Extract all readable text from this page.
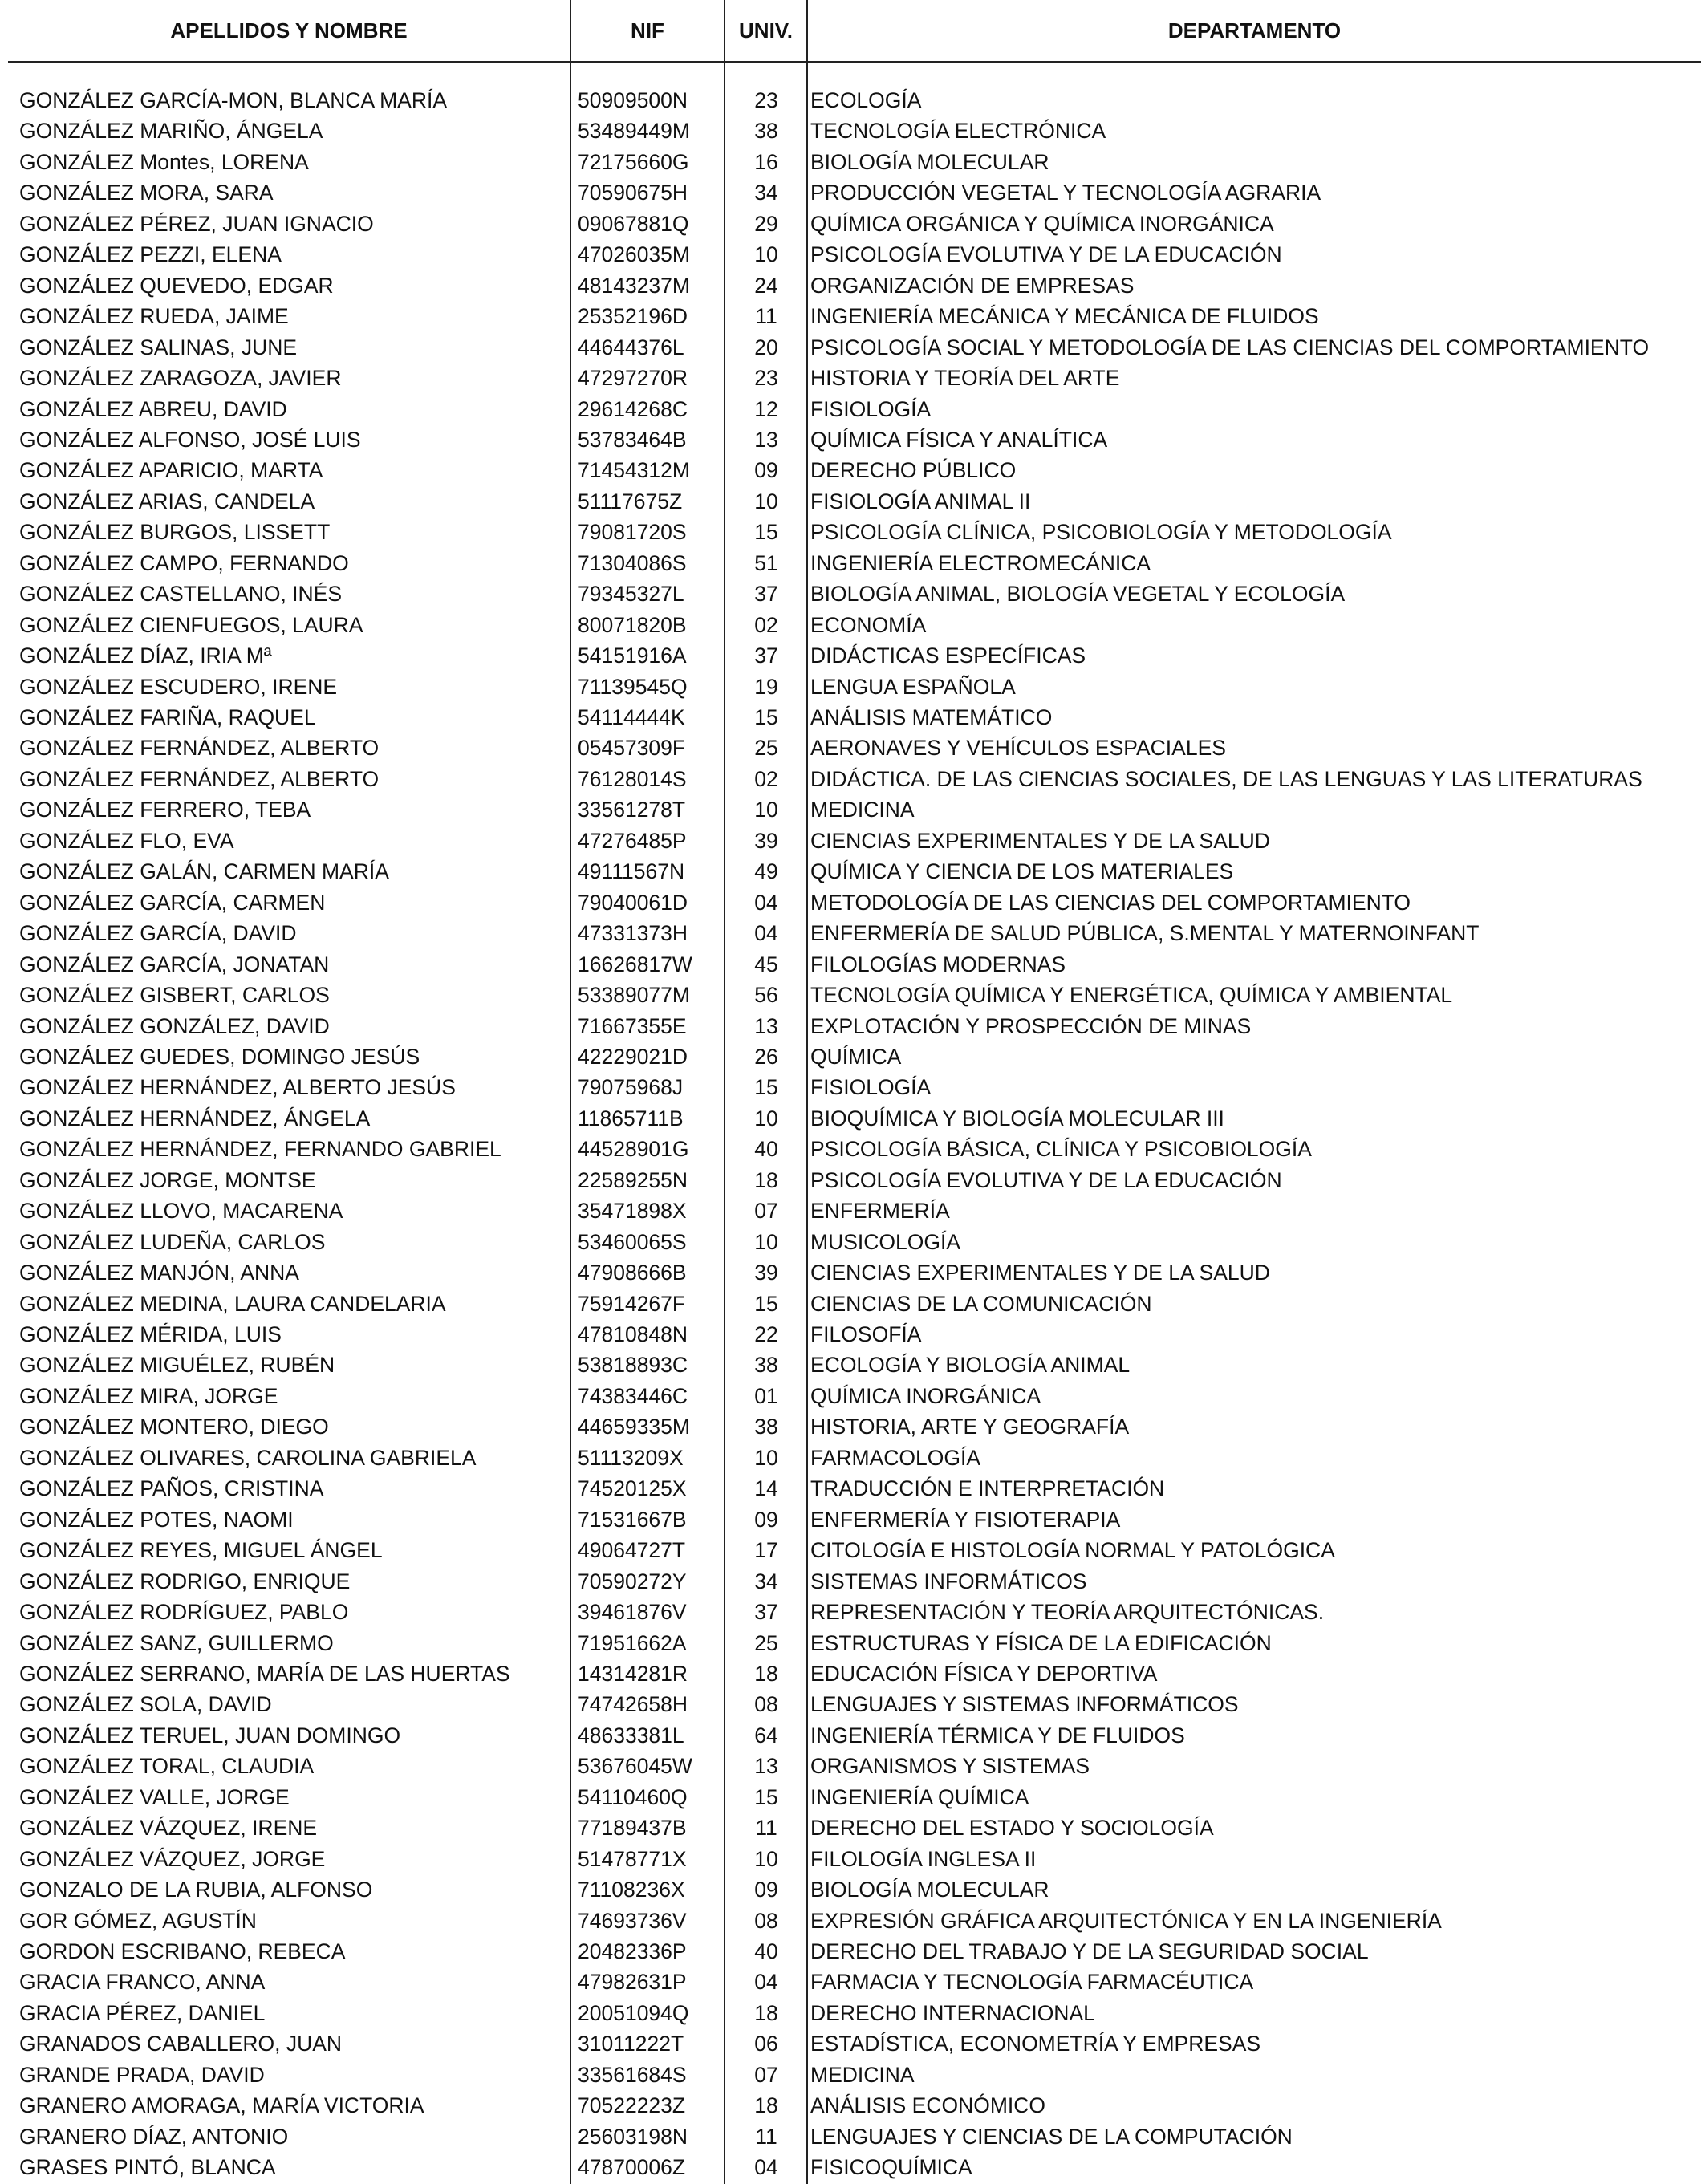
APELLIDOS Y NOMBRE	NIF	UNIV.	DEPARTAMENTO
GONZÁLEZ GARCÍA-MON, BLANCA MARÍA	50909500N	23	ECOLOGÍA
GONZÁLEZ MARIÑO, ÁNGELA	53489449M	38	TECNOLOGÍA ELECTRÓNICA
GONZÁLEZ Montes, LORENA	72175660G	16	BIOLOGÍA MOLECULAR
GONZÁLEZ MORA, SARA	70590675H	34	PRODUCCIÓN VEGETAL Y TECNOLOGÍA AGRARIA
GONZÁLEZ PÉREZ, JUAN IGNACIO	09067881Q	29	QUÍMICA ORGÁNICA Y QUÍMICA INORGÁNICA
GONZÁLEZ PEZZI, ELENA	47026035M	10	PSICOLOGÍA EVOLUTIVA Y DE LA EDUCACIÓN
GONZÁLEZ QUEVEDO, EDGAR	48143237M	24	ORGANIZACIÓN DE EMPRESAS
GONZÁLEZ RUEDA, JAIME	25352196D	11	INGENIERÍA MECÁNICA Y MECÁNICA DE FLUIDOS
GONZÁLEZ SALINAS, JUNE	44644376L	20	PSICOLOGÍA SOCIAL Y METODOLOGÍA DE LAS CIENCIAS DEL COMPORTAMIENTO
GONZÁLEZ ZARAGOZA, JAVIER	47297270R	23	HISTORIA Y TEORÍA DEL ARTE
GONZÁLEZ ABREU, DAVID	29614268C	12	FISIOLOGÍA
GONZÁLEZ ALFONSO, JOSÉ LUIS	53783464B	13	QUÍMICA FÍSICA Y ANALÍTICA
GONZÁLEZ APARICIO, MARTA	71454312M	09	DERECHO PÚBLICO
GONZÁLEZ ARIAS, CANDELA	51117675Z	10	FISIOLOGÍA ANIMAL II
GONZÁLEZ BURGOS, LISSETT	79081720S	15	PSICOLOGÍA CLÍNICA, PSICOBIOLOGÍA Y METODOLOGÍA
GONZÁLEZ CAMPO, FERNANDO	71304086S	51	INGENIERÍA ELECTROMECÁNICA
GONZÁLEZ CASTELLANO, INÉS	79345327L	37	BIOLOGÍA ANIMAL, BIOLOGÍA VEGETAL Y ECOLOGÍA
GONZÁLEZ CIENFUEGOS, LAURA	80071820B	02	ECONOMÍA
GONZÁLEZ DÍAZ, IRIA Mª	54151916A	37	DIDÁCTICAS ESPECÍFICAS
GONZÁLEZ ESCUDERO, IRENE	71139545Q	19	LENGUA ESPAÑOLA
GONZÁLEZ FARIÑA, RAQUEL	54114444K	15	ANÁLISIS MATEMÁTICO
GONZÁLEZ FERNÁNDEZ, ALBERTO	05457309F	25	AERONAVES Y VEHÍCULOS ESPACIALES
GONZÁLEZ FERNÁNDEZ, ALBERTO	76128014S	02	DIDÁCTICA. DE LAS CIENCIAS SOCIALES, DE LAS LENGUAS Y LAS LITERATURAS
GONZÁLEZ FERRERO, TEBA	33561278T	10	MEDICINA
GONZÁLEZ FLO, EVA	47276485P	39	CIENCIAS EXPERIMENTALES Y DE LA SALUD
GONZÁLEZ GALÁN, CARMEN MARÍA	49111567N	49	QUÍMICA Y CIENCIA DE LOS MATERIALES
GONZÁLEZ GARCÍA, CARMEN	79040061D	04	METODOLOGÍA DE LAS CIENCIAS DEL COMPORTAMIENTO
GONZÁLEZ GARCÍA, DAVID	47331373H	04	ENFERMERÍA DE SALUD PÚBLICA, S.MENTAL Y MATERNOINFANT
GONZÁLEZ GARCÍA, JONATAN	16626817W	45	FILOLOGÍAS MODERNAS
GONZÁLEZ GISBERT, CARLOS	53389077M	56	TECNOLOGÍA QUÍMICA Y ENERGÉTICA, QUÍMICA Y AMBIENTAL
GONZÁLEZ GONZÁLEZ, DAVID	71667355E	13	EXPLOTACIÓN Y PROSPECCIÓN DE MINAS
GONZÁLEZ GUEDES, DOMINGO JESÚS	42229021D	26	QUÍMICA
GONZÁLEZ HERNÁNDEZ, ALBERTO JESÚS	79075968J	15	FISIOLOGÍA
GONZÁLEZ HERNÁNDEZ, ÁNGELA	11865711B	10	BIOQUÍMICA Y BIOLOGÍA MOLECULAR III
GONZÁLEZ HERNÁNDEZ, FERNANDO GABRIEL	44528901G	40	PSICOLOGÍA BÁSICA, CLÍNICA Y PSICOBIOLOGÍA
GONZÁLEZ JORGE, MONTSE	22589255N	18	PSICOLOGÍA EVOLUTIVA Y DE LA EDUCACIÓN
GONZÁLEZ LLOVO, MACARENA	35471898X	07	ENFERMERÍA
GONZÁLEZ LUDEÑA, CARLOS	53460065S	10	MUSICOLOGÍA
GONZÁLEZ MANJÓN, ANNA	47908666B	39	CIENCIAS EXPERIMENTALES Y DE LA SALUD
GONZÁLEZ MEDINA, LAURA CANDELARIA	75914267F	15	CIENCIAS DE LA COMUNICACIÓN
GONZÁLEZ MÉRIDA, LUIS	47810848N	22	FILOSOFÍA
GONZÁLEZ MIGUÉLEZ, RUBÉN	53818893C	38	ECOLOGÍA Y BIOLOGÍA ANIMAL
GONZÁLEZ MIRA, JORGE	74383446C	01	QUÍMICA INORGÁNICA
GONZÁLEZ MONTERO, DIEGO	44659335M	38	HISTORIA, ARTE Y GEOGRAFÍA
GONZÁLEZ OLIVARES, CAROLINA GABRIELA	51113209X	10	FARMACOLOGÍA
GONZÁLEZ PAÑOS, CRISTINA	74520125X	14	TRADUCCIÓN E INTERPRETACIÓN
GONZÁLEZ POTES, NAOMI	71531667B	09	ENFERMERÍA Y FISIOTERAPIA
GONZÁLEZ REYES, MIGUEL ÁNGEL	49064727T	17	CITOLOGÍA E HISTOLOGÍA NORMAL Y PATOLÓGICA
GONZÁLEZ RODRIGO, ENRIQUE	70590272Y	34	SISTEMAS INFORMÁTICOS
GONZÁLEZ RODRÍGUEZ, PABLO	39461876V	37	REPRESENTACIÓN Y TEORÍA ARQUITECTÓNICAS.
GONZÁLEZ SANZ, GUILLERMO	71951662A	25	ESTRUCTURAS Y FÍSICA DE LA EDIFICACIÓN
GONZÁLEZ SERRANO, MARÍA DE LAS HUERTAS	14314281R	18	EDUCACIÓN FÍSICA Y DEPORTIVA
GONZÁLEZ SOLA, DAVID	74742658H	08	LENGUAJES Y SISTEMAS INFORMÁTICOS
GONZÁLEZ TERUEL, JUAN DOMINGO	48633381L	64	INGENIERÍA TÉRMICA Y DE FLUIDOS
GONZÁLEZ TORAL, CLAUDIA	53676045W	13	ORGANISMOS Y SISTEMAS
GONZÁLEZ VALLE, JORGE	54110460Q	15	INGENIERÍA QUÍMICA
GONZÁLEZ VÁZQUEZ, IRENE	77189437B	11	DERECHO DEL ESTADO Y SOCIOLOGÍA
GONZÁLEZ VÁZQUEZ, JORGE	51478771X	10	FILOLOGÍA INGLESA II
GONZALO DE LA RUBIA, ALFONSO	71108236X	09	BIOLOGÍA MOLECULAR
GOR GÓMEZ, AGUSTÍN	74693736V	08	EXPRESIÓN GRÁFICA ARQUITECTÓNICA Y EN LA INGENIERÍA
GORDON ESCRIBANO, REBECA	20482336P	40	DERECHO DEL TRABAJO Y DE LA SEGURIDAD SOCIAL
GRACIA FRANCO, ANNA	47982631P	04	FARMACIA Y TECNOLOGÍA FARMACÉUTICA
GRACIA PÉREZ, DANIEL	20051094Q	18	DERECHO INTERNACIONAL
GRANADOS CABALLERO, JUAN	31011222T	06	ESTADÍSTICA, ECONOMETRÍA Y EMPRESAS
GRANDE PRADA, DAVID	33561684S	07	MEDICINA
GRANERO AMORAGA, MARÍA VICTORIA	70522223Z	18	ANÁLISIS ECONÓMICO
GRANERO DÍAZ, ANTONIO	25603198N	11	LENGUAJES Y CIENCIAS DE LA COMPUTACIÓN
GRASES PINTÓ, BLANCA	47870006Z	04	FISICOQUÍMICA
